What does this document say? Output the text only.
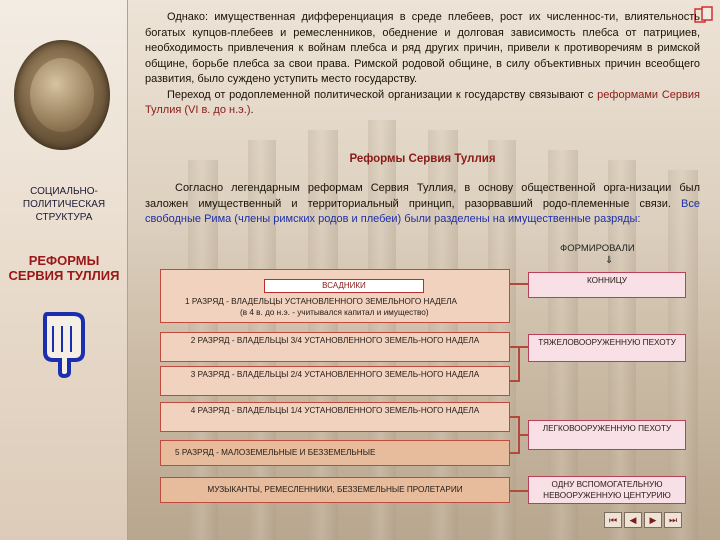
СОЦИАЛЬНО-ПОЛИТИЧЕСКАЯ СТРУКТУРА
РЕФОРМЫ СЕРВИЯ ТУЛЛИЯ

Однако: имущественная дифференциация в среде плебеев, рост их численнос-ти, влиятельность богатых купцов-плебеев и ремесленников, обеднение и долговая зависимость плебса от патрициев, необходимость привлечения к войнам плебса и ряд других причин, привели к противоречиям в римской общине, борьбе плебса за свои права. Римской родовой общине, в силу объективных причин всеобщего развития, было суждено уступить место государству.

Переход от родоплеменной политической организации к государству связывают с реформами Сервия Туллия (VI в. до н.э.).

Реформы Сервия Туллия

Согласно легендарным реформам Сервия Туллия, в основу общественной орга-низации был заложен имущественный и территориальный принцип, разорвавший родо-племенные связи. Все свободные Рима (члены римских родов и плебеи) были разделены на имущественные разряды:

ФОРМИРОВАЛИ
⇓
1 РАЗРЯД - ВЛАДЕЛЬЦЫ УСТАНОВЛЕННОГО ЗЕМЕЛЬНОГО НАДЕЛА
(в 4 в. до н.э. - учитывался капитал и имущество)
ВСАДНИКИ
2 РАЗРЯД - ВЛАДЕЛЬЦЫ 3/4 УСТАНОВЛЕННОГО ЗЕМЕЛЬ-НОГО НАДЕЛА
3 РАЗРЯД - ВЛАДЕЛЬЦЫ 2/4 УСТАНОВЛЕННОГО ЗЕМЕЛЬ-НОГО НАДЕЛА
4 РАЗРЯД - ВЛАДЕЛЬЦЫ 1/4 УСТАНОВЛЕННОГО ЗЕМЕЛЬ-НОГО НАДЕЛА
5 РАЗРЯД - МАЛОЗЕМЕЛЬНЫЕ И БЕЗЗЕМЕЛЬНЫЕ
МУЗЫКАНТЫ, РЕМЕСЛЕННИКИ, БЕЗЗЕМЕЛЬНЫЕ ПРОЛЕТАРИИ
КОННИЦУ
ТЯЖЕЛОВООРУЖЕННУЮ ПЕХОТУ
ЛЕГКОВООРУЖЕННУЮ ПЕХОТУ
ОДНУ ВСПОМОГАТЕЛЬНУЮ НЕВООРУЖЕННУЮ ЦЕНТУРИЮ
⏮	◀	▶	⏭
